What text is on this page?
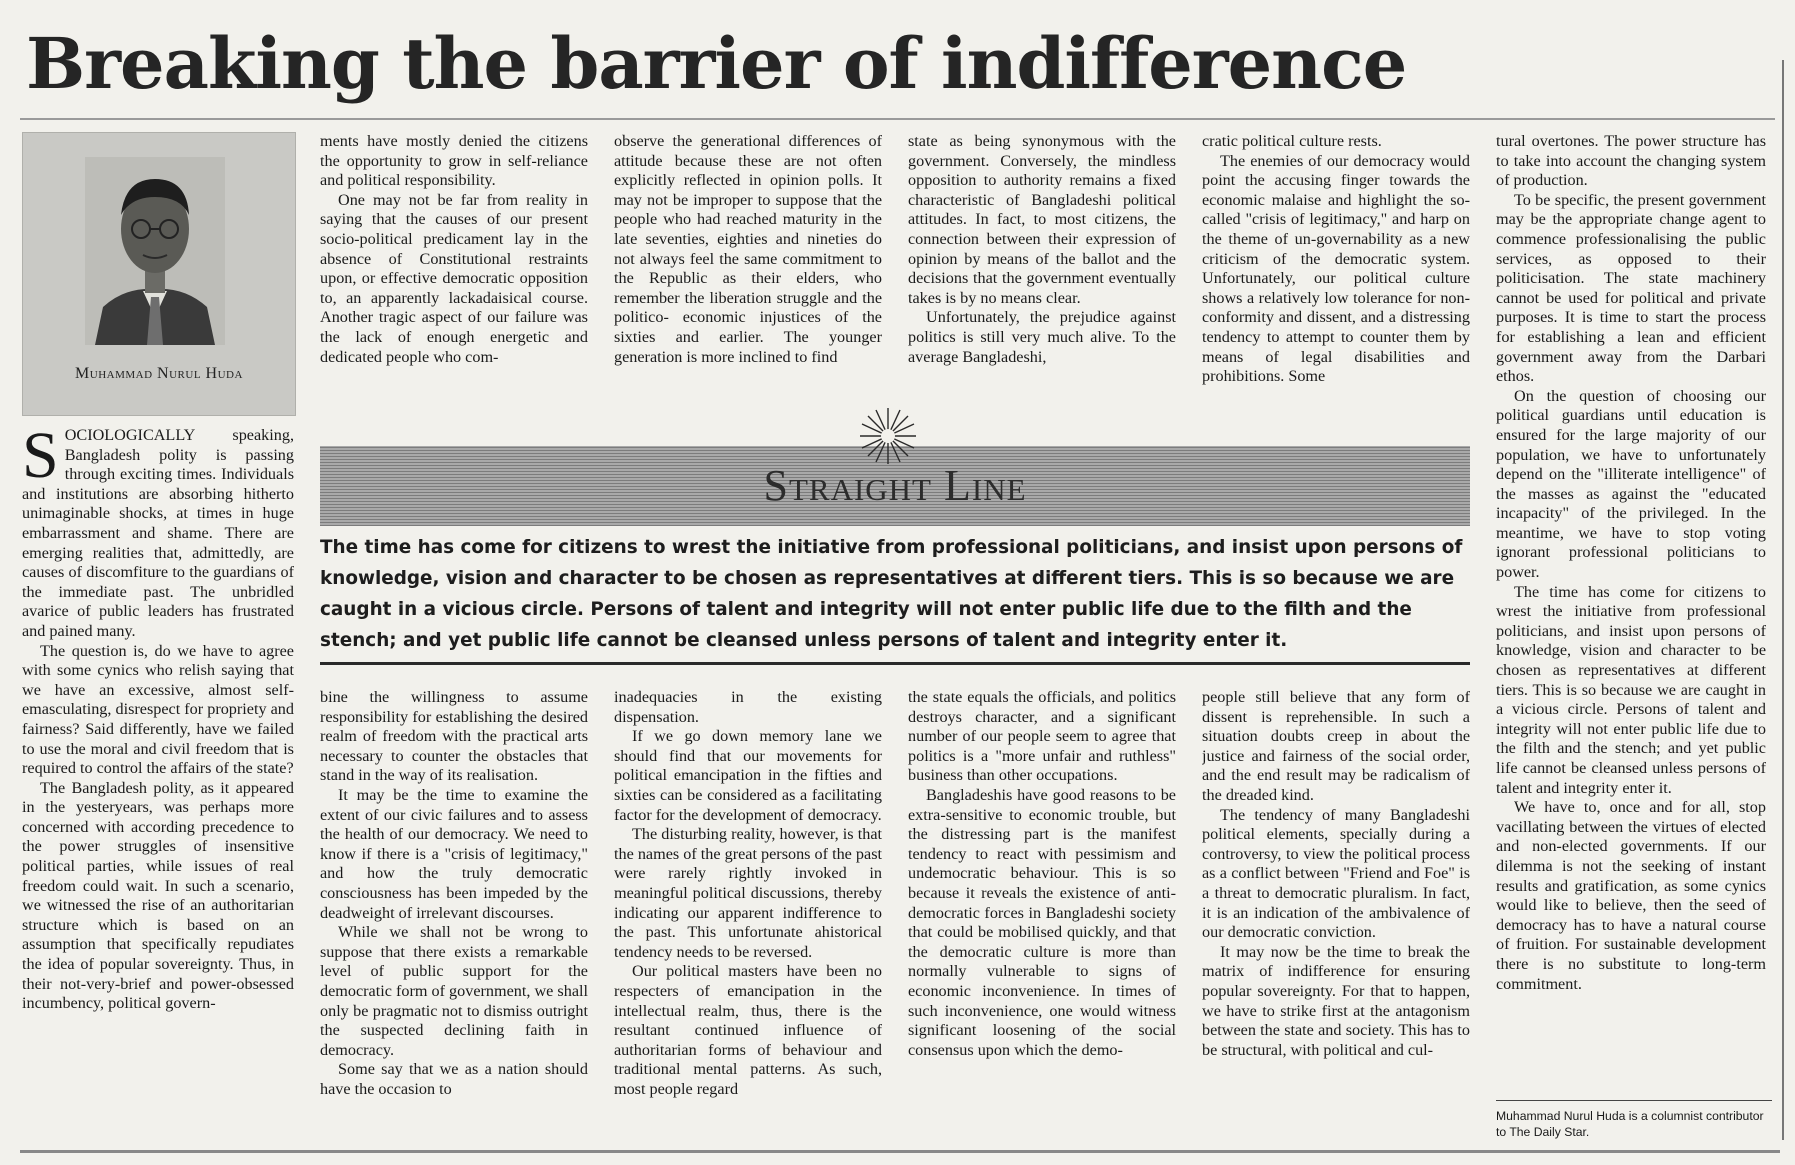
Breaking the barrier of indifference
Muhammad Nurul Huda

SOCIOLOGICALLY speaking, Bangladesh polity is passing through exciting times. Individuals and institutions are absorbing hitherto unimaginable shocks, at times in huge embarrassment and shame. There are emerging realities that, admittedly, are causes of discomfiture to the guardians of the immediate past. The unbridled avarice of public leaders has frustrated and pained many.

The question is, do we have to agree with some cynics who relish saying that we have an excessive, almost self-emasculating, disrespect for propriety and fairness? Said differently, have we failed to use the moral and civil freedom that is required to control the affairs of the state?

The Bangladesh polity, as it appeared in the yesteryears, was perhaps more concerned with according precedence to the power struggles of insensitive political parties, while issues of real freedom could wait. In such a scenario, we witnessed the rise of an authoritarian structure which is based on an assumption that specifically repudiates the idea of popular sovereignty. Thus, in their not-very-brief and power-obsessed incumbency, political govern-

ments have mostly denied the citizens the opportunity to grow in self-reliance and political responsibility.

One may not be far from reality in saying that the causes of our present socio-political predicament lay in the absence of Constitutional restraints upon, or effective democratic opposition to, an apparently lackadaisical course. Another tragic aspect of our failure was the lack of enough energetic and dedicated people who com-

observe the generational differences of attitude because these are not often explicitly reflected in opinion polls. It may not be improper to suppose that the people who had reached maturity in the late seventies, eighties and nineties do not always feel the same commitment to the Republic as their elders, who remember the liberation struggle and the politico- economic injustices of the sixties and earlier. The younger generation is more inclined to find

state as being synonymous with the government. Conversely, the mindless opposition to authority remains a fixed characteristic of Bangladeshi political attitudes. In fact, to most citizens, the connection between their expression of opinion by means of the ballot and the decisions that the government eventually takes is by no means clear.

Unfortunately, the prejudice against politics is still very much alive. To the average Bangladeshi,

cratic political culture rests.

The enemies of our democracy would point the accusing finger towards the economic malaise and highlight the so-called "crisis of legitimacy," and harp on the theme of un-governability as a new criticism of the democratic system. Unfortunately, our political culture shows a relatively low tolerance for non-conformity and dissent, and a distressing tendency to attempt to counter them by means of legal disabilities and prohibitions. Some

Straight Line

The time has come for citizens to wrest the initiative from professional politicians, and insist upon persons of knowledge, vision and character to be chosen as representatives at different tiers. This is so because we are caught in a vicious circle. Persons of talent and integrity will not enter public life due to the filth and the stench; and yet public life cannot be cleansed unless persons of talent and integrity enter it.

bine the willingness to assume responsibility for establishing the desired realm of freedom with the practical arts necessary to counter the obstacles that stand in the way of its realisation.

It may be the time to examine the extent of our civic failures and to assess the health of our democracy. We need to know if there is a "crisis of legitimacy," and how the truly democratic consciousness has been impeded by the deadweight of irrelevant discourses.

While we shall not be wrong to suppose that there exists a remarkable level of public support for the democratic form of government, we shall only be pragmatic not to dismiss outright the suspected declining faith in democracy.

Some say that we as a nation should have the occasion to

inadequacies in the existing dispensation.

If we go down memory lane we should find that our movements for political emancipation in the fifties and sixties can be considered as a facilitating factor for the development of democracy.

The disturbing reality, however, is that the names of the great persons of the past were rarely rightly invoked in meaningful political discussions, thereby indicating our apparent indifference to the past. This unfortunate ahistorical tendency needs to be reversed.

Our political masters have been no respecters of emancipation in the intellectual realm, thus, there is the resultant continued influence of authoritarian forms of behaviour and traditional mental patterns. As such, most people regard

the state equals the officials, and politics destroys character, and a significant number of our people seem to agree that politics is a "more unfair and ruthless" business than other occupations.

Bangladeshis have good reasons to be extra-sensitive to economic trouble, but the distressing part is the manifest tendency to react with pessimism and undemocratic behaviour. This is so because it reveals the existence of anti-democratic forces in Bangladeshi society that could be mobilised quickly, and that the democratic culture is more than normally vulnerable to signs of economic inconvenience. In times of such inconvenience, one would witness significant loosening of the social consensus upon which the demo-

people still believe that any form of dissent is reprehensible. In such a situation doubts creep in about the justice and fairness of the social order, and the end result may be radicalism of the dreaded kind.

The tendency of many Bangladeshi political elements, specially during a controversy, to view the political process as a conflict between "Friend and Foe" is a threat to democratic pluralism. In fact, it is an indication of the ambivalence of our democratic conviction.

It may now be the time to break the matrix of indifference for ensuring popular sovereignty. For that to happen, we have to strike first at the antagonism between the state and society. This has to be structural, with political and cul-

tural overtones. The power structure has to take into account the changing system of production.

To be specific, the present government may be the appropriate change agent to commence professionalising the public services, as opposed to their politicisation. The state machinery cannot be used for political and private purposes. It is time to start the process for establishing a lean and efficient government away from the Darbari ethos.

On the question of choosing our political guardians until education is ensured for the large majority of our population, we have to unfortunately depend on the "illiterate intelligence" of the masses as against the "educated incapacity" of the privileged. In the meantime, we have to stop voting ignorant professional politicians to power.

The time has come for citizens to wrest the initiative from professional politicians, and insist upon persons of knowledge, vision and character to be chosen as representatives at different tiers. This is so because we are caught in a vicious circle. Persons of talent and integrity will not enter public life due to the filth and the stench; and yet public life cannot be cleansed unless persons of talent and integrity enter it.

We have to, once and for all, stop vacillating between the virtues of elected and non-elected governments. If our dilemma is not the seeking of instant results and gratification, as some cynics would like to believe, then the seed of democracy has to have a natural course of fruition. For sustainable development there is no substitute to long-term commitment.

Muhammad Nurul Huda is a columnist contributor to The Daily Star.
